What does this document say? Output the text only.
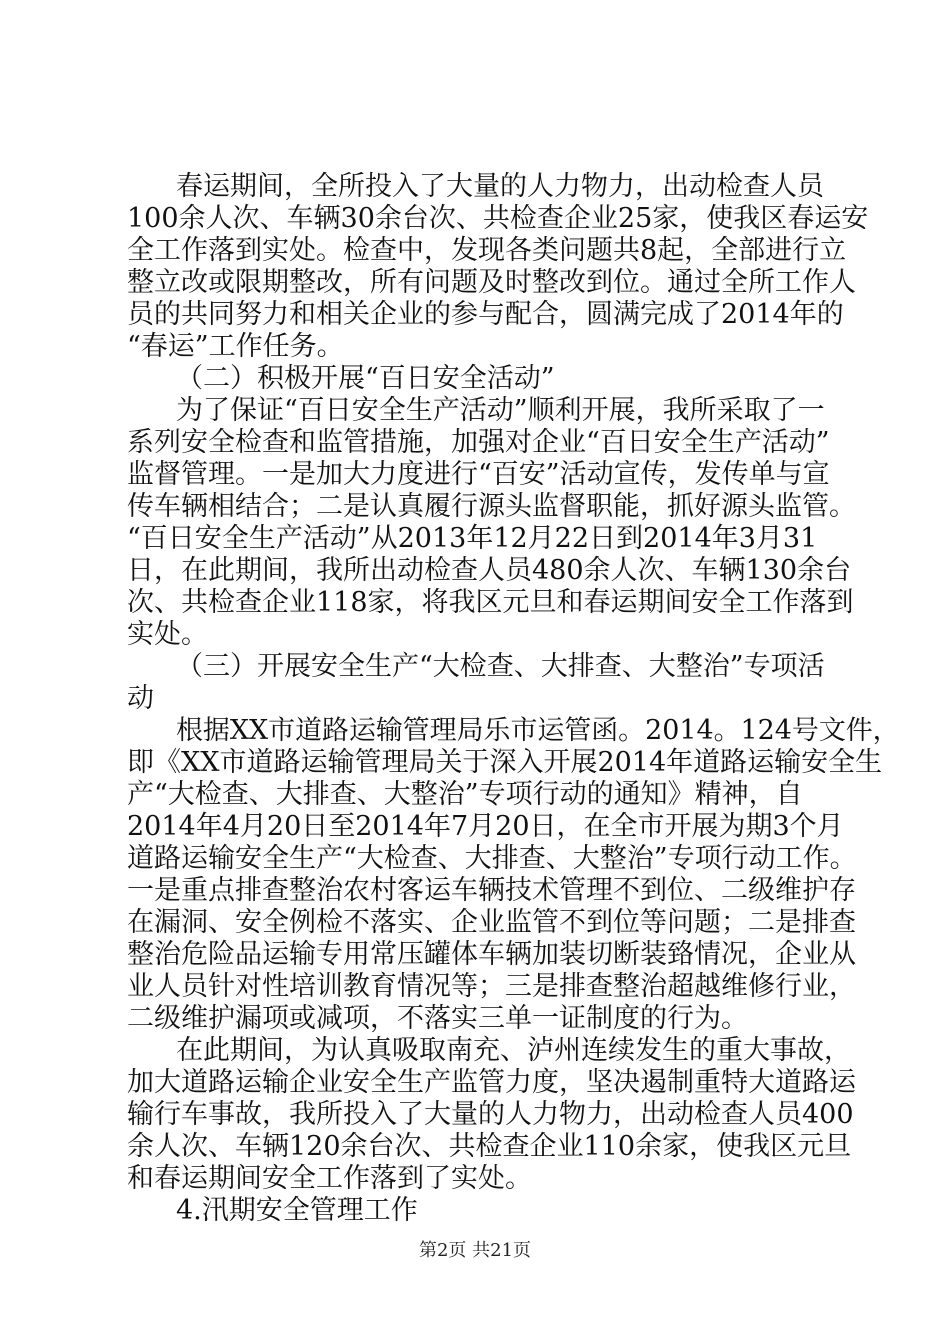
春运期间，全所投入了大量的人力物力，出动检查人员
100余人次、车辆30余台次、共检查企业25家，使我区春运安
全工作落到实处。检查中，发现各类问题共8起，全部进行立
整立改或限期整改，所有问题及时整改到位。通过全所工作人
员的共同努力和相关企业的参与配合，圆满完成了2014年的
“春运”工作任务。
（二）积极开展“百日安全活动”
为了保证“百日安全生产活动”顺利开展，我所采取了一
系列安全检查和监管措施，加强对企业“百日安全生产活动”
监督管理。一是加大力度进行“百安”活动宣传，发传单与宣
传车辆相结合；二是认真履行源头监督职能，抓好源头监管。
“百日安全生产活动”从2013年12月22日到2014年3月31
日，在此期间，我所出动检查人员480余人次、车辆130余台
次、共检查企业118家，将我区元旦和春运期间安全工作落到
实处。
（三）开展安全生产“大检查、大排查、大整治”专项活
动
根据XX市道路运输管理局乐市运管函。2014。124号文件，
即《XX市道路运输管理局关于深入开展2014年道路运输安全生
产“大检查、大排查、大整治”专项行动的通知》精神，自
2014年4月20日至2014年7月20日，在全市开展为期3个月
道路运输安全生产“大检查、大排查、大整治”专项行动工作。
一是重点排查整治农村客运车辆技术管理不到位、二级维护存
在漏洞、安全例检不落实、企业监管不到位等问题；二是排查
整治危险品运输专用常压罐体车辆加装切断装臵情况，企业从
业人员针对性培训教育情况等；三是排查整治超越维修行业，
二级维护漏项或减项，不落实三单一证制度的行为。
在此期间，为认真吸取南充、泸州连续发生的重大事故，
加大道路运输企业安全生产监管力度，坚决遏制重特大道路运
输行车事故，我所投入了大量的人力物力，出动检查人员400
余人次、车辆120余台次、共检查企业110余家，使我区元旦
和春运期间安全工作落到了实处。
4.汛期安全管理工作
第2页 共21页
